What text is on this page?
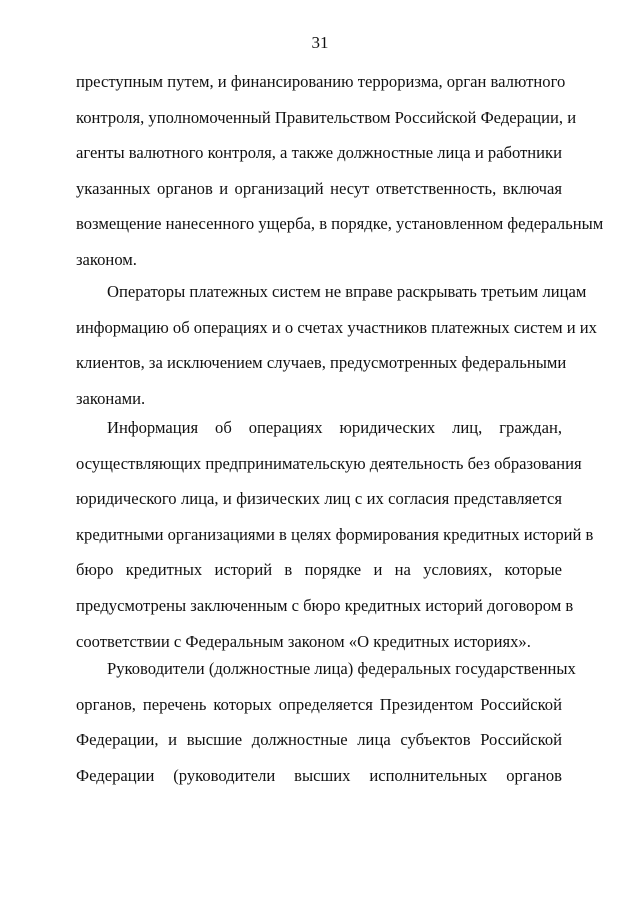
31
преступным путем, и финансированию терроризма, орган валютного
контроля, уполномоченный Правительством Российской Федерации, и
агенты валютного контроля, а также должностные лица и работники
указанных органов и организаций несут ответственность, включая
возмещение нанесенного ущерба, в порядке, установленном федеральным
законом.
Операторы платежных систем не вправе раскрывать третьим лицам
информацию об операциях и о счетах участников платежных систем и их
клиентов, за исключением случаев, предусмотренных федеральными
законами.
Информация об операциях юридических лиц, граждан,
осуществляющих предпринимательскую деятельность без образования
юридического лица, и физических лиц с их согласия представляется
кредитными организациями в целях формирования кредитных историй в
бюро кредитных историй в порядке и на условиях, которые
предусмотрены заключенным с бюро кредитных историй договором в
соответствии с Федеральным законом «О кредитных историях».
Руководители (должностные лица) федеральных государственных
органов, перечень которых определяется Президентом Российской
Федерации, и высшие должностные лица субъектов Российской
Федерации (руководители высших исполнительных органов
